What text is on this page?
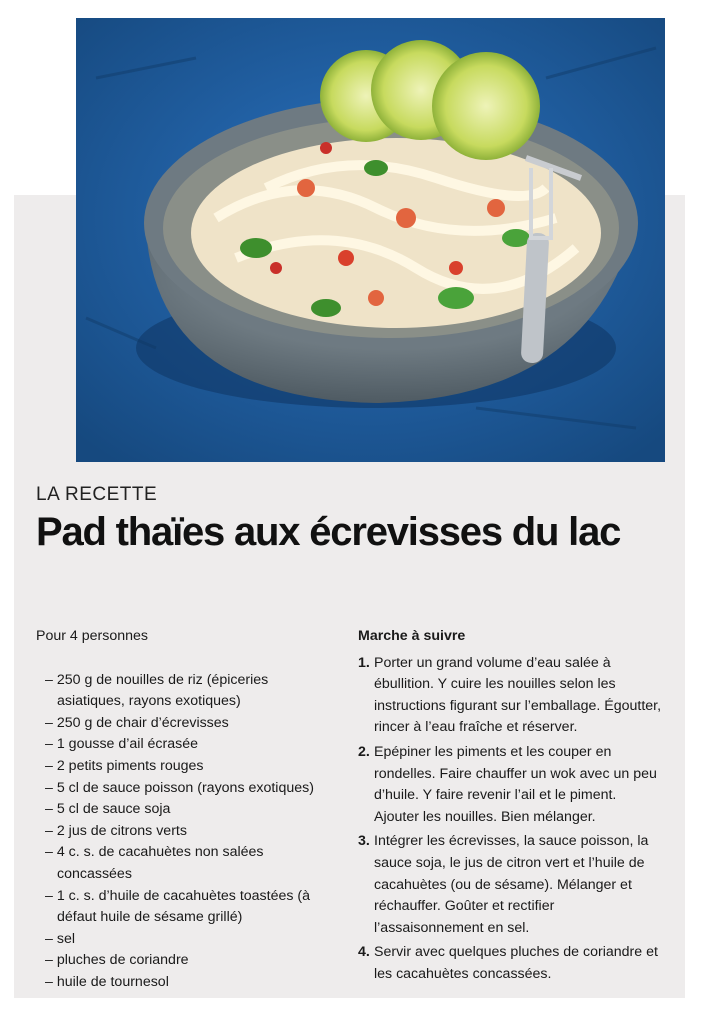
LA RECETTE
Pad thaïes aux écrevisses du lac

Pour 4 personnes

– 250 g de nouilles de riz (épiceries asiatiques, rayons exotiques)
– 250 g de chair d’écrevisses
– 1 gousse d’ail écrasée
– 2 petits piments rouges
– 5 cl de sauce poisson (rayons exotiques)
– 5 cl de sauce soja
– 2 jus de citrons verts
– 4 c. s. de cacahuètes non salées concassées
– 1 c. s. d’huile de cacahuètes toastées (à défaut huile de sésame grillé)
– sel
– pluches de coriandre
– huile de tournesol

Marche à suivre

1. Porter un grand volume d’eau salée à ébullition. Y cuire les nouilles selon les instructions figurant sur l’emballage. Égoutter, rincer à l’eau fraîche et réserver.
2. Epépiner les piments et les couper en rondelles. Faire chauffer un wok avec un peu d’huile. Y faire revenir l’ail et le piment. Ajouter les nouilles. Bien mélanger.
3. Intégrer les écrevisses, la sauce poisson, la sauce soja, le jus de citron vert et l’huile de cacahuètes (ou de sésame). Mélanger et réchauffer. Goûter et rectifier l’assaisonnement en sel.
4. Servir avec quelques pluches de coriandre et les cacahuètes concassées.
